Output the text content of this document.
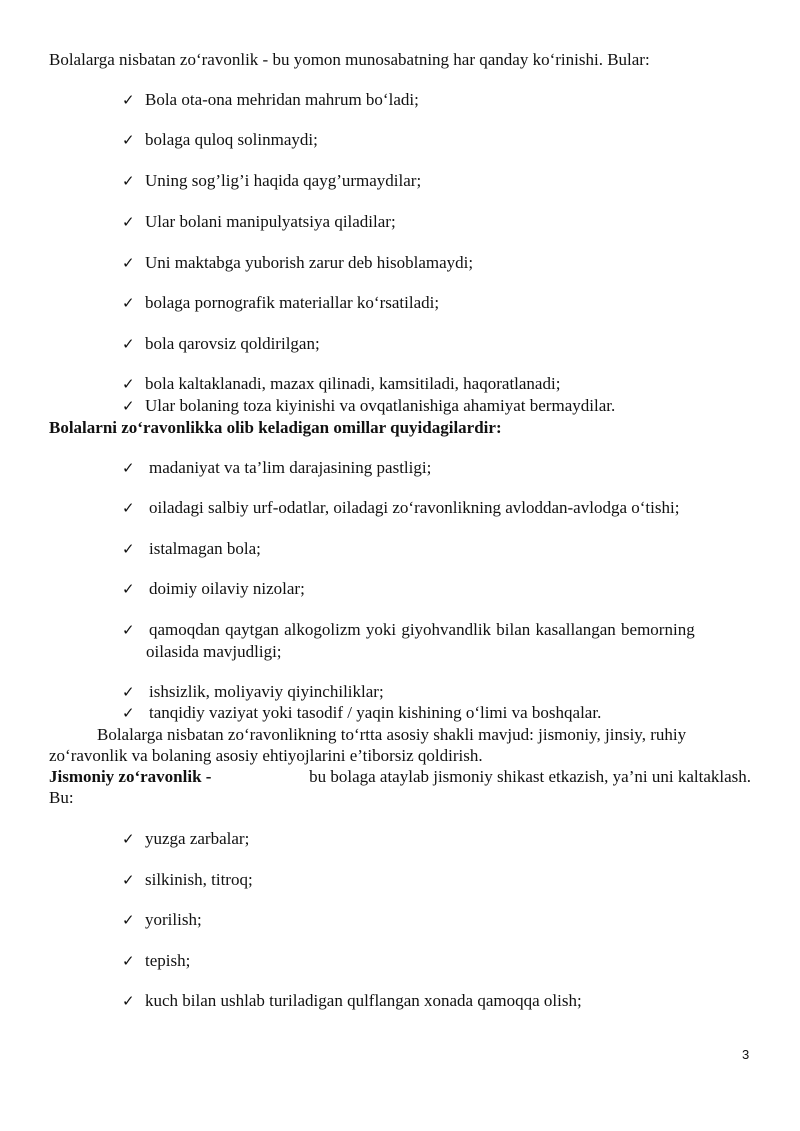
Bolalarga nisbatan zo‘ravonlik - bu yomon munosabatning har qanday ko‘rinishi. Bular:
✓ Bola ota-ona mehridan mahrum bo‘ladi;
✓ bolaga quloq solinmaydi;
✓ Uning sog’lig’i haqida qayg’urmaydilar;
✓ Ular bolani manipulyatsiya qiladilar;
✓ Uni maktabga yuborish zarur deb hisoblamaydi;
✓ bolaga pornografik materiallar ko‘rsatiladi;
✓ bola qarovsiz qoldirilgan;
✓ bola kaltaklanadi, mazax qilinadi, kamsitiladi, haqoratlanadi;
✓ Ular bolaning toza kiyinishi va ovqatlanishiga ahamiyat bermaydilar.
Bolalarni zo‘ravonlikka olib keladigan omillar quyidagilardir:
✓ madaniyat va ta’lim darajasining pastligi;
✓ oiladagi salbiy urf-odatlar, oiladagi zo‘ravonlikning avloddan-avlodga o‘tishi;
✓ istalmagan bola;
✓ doimiy oilaviy nizolar;
✓ qamoqdan qaytgan alkogolizm yoki giyohvandlik bilan kasallangan bemorning
oilasida mavjudligi;
✓ ishsizlik, moliyaviy qiyinchiliklar;
✓ tanqidiy vaziyat yoki tasodif / yaqin kishining o‘limi va boshqalar.
Bolalarga nisbatan zo‘ravonlikning to‘rtta asosiy shakli mavjud: jismoniy, jinsiy, ruhiy
zo‘ravonlik va bolaning asosiy ehtiyojlarini e’tiborsiz qoldirish.
Jismoniy zo‘ravonlik -	bu bolaga ataylab jismoniy shikast etkazish, ya’ni uni kaltaklash.
Bu:
✓ yuzga zarbalar;
✓ silkinish, titroq;
✓ yorilish;
✓ tepish;
✓ kuch bilan ushlab turiladigan qulflangan xonada qamoqqa olish;
3
